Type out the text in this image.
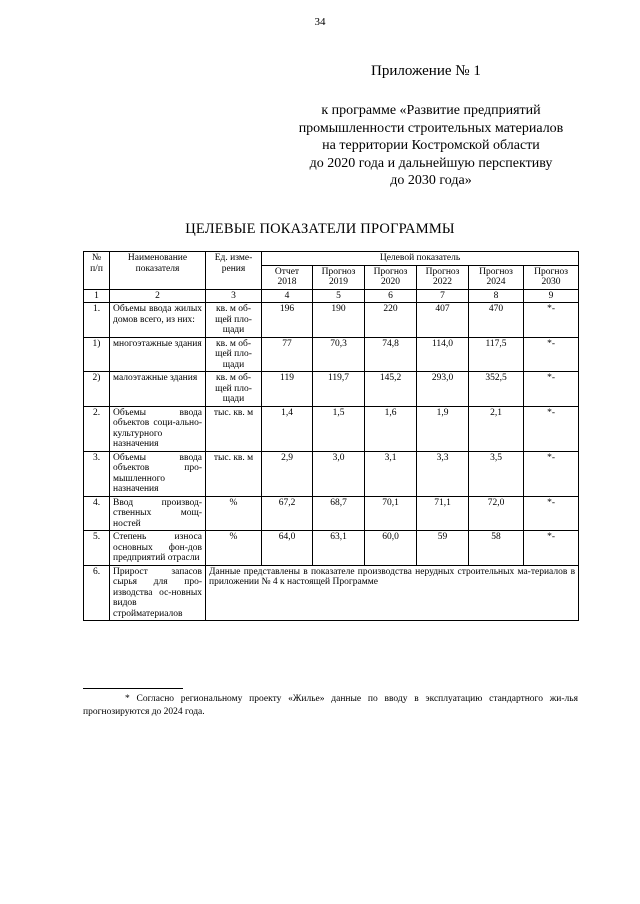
34
Приложение № 1
к программе «Развитие предприятий
промышленности строительных материалов
на территории Костромской области
до 2020 года и дальнейшую перспективу
до 2030 года»
ЦЕЛЕВЫЕ ПОКАЗАТЕЛИ ПРОГРАММЫ
№ п/п	Наименование показателя	Ед. изме-рения	Целевой показатель					
			Отчет 2018	Прогноз 2019	Прогноз 2020	Прогноз 2022	Прогноз 2024	Прогноз 2030
1	2	3	4	5	6	7	8	9
1.	Объемы ввода жилых домов всего, из них:	кв. м об-щей пло-щади	196	190	220	407	470	*-
1)	многоэтажные здания	кв. м об-щей пло-щади	77	70,3	74,8	114,0	117,5	*-
2)	малоэтажные здания	кв. м об-щей пло-щади	119	119,7	145,2	293,0	352,5	*-
2.	Объемы ввода объектов соци-ально-культурного назначения	тыс. кв. м	1,4	1,5	1,6	1,9	2,1	*-
3.	Объемы ввода объектов про-мышленного назначения	тыс. кв. м	2,9	3,0	3,1	3,3	3,5	*-
4.	Ввод производ-ственных мощ-ностей	%	67,2	68,7	70,1	71,1	72,0	*-
5.	Степень износа основных фон-дов предприятий отрасли	%	64,0	63,1	60,0	59	58	*-
6.	Прирост запасов сырья для про-изводства ос-новных видов стройматериалов	Данные представлены в показателе производства нерудных строительных ма-териалов в приложении № 4 к настоящей Программе						
* Согласно региональному проекту «Жилье» данные по вводу в эксплуатацию стандартного жи-лья прогнозируются до 2024 года.
